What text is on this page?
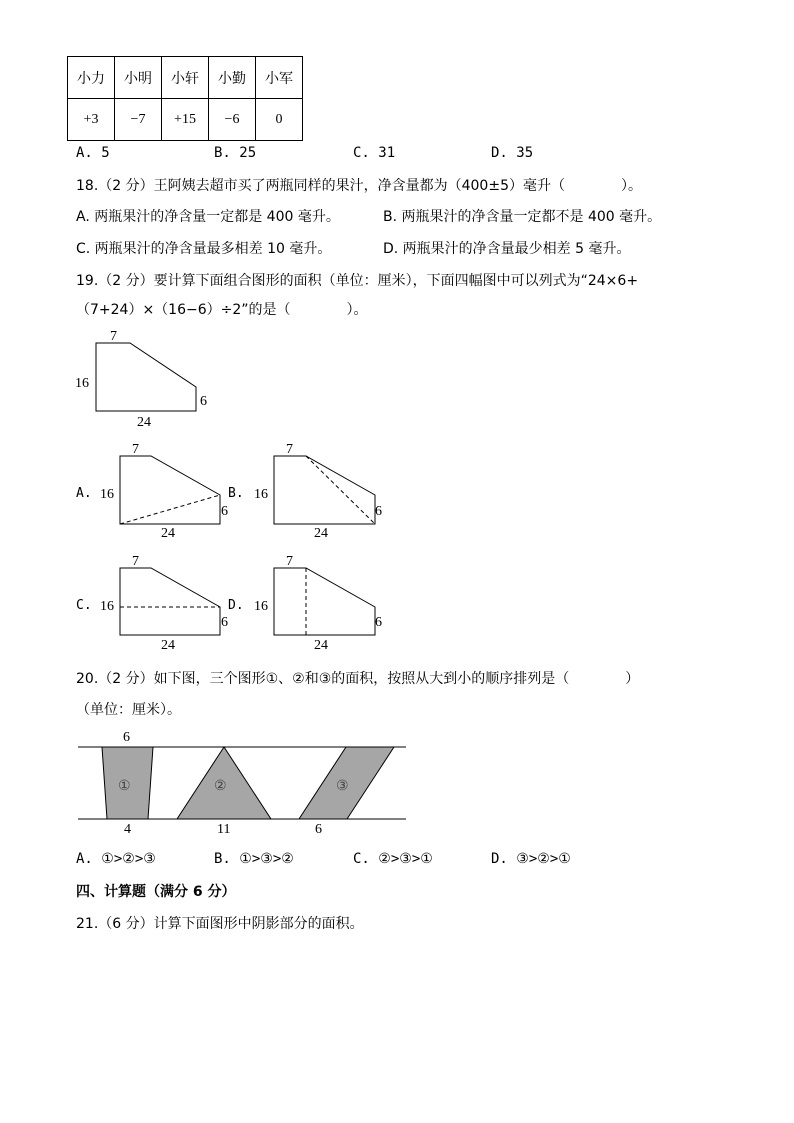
小力	小明	小轩	小勤	小军
+3	−7	+15	−6	0
A. 5	B. 25	C. 31	D. 35
18.（2 分）王阿姨去超市买了两瓶同样的果汁，净含量都为（400±5）毫升（　　　　）。
A. 两瓶果汁的净含量一定都是 400 毫升。	B. 两瓶果汁的净含量一定都不是 400 毫升。
C. 两瓶果汁的净含量最多相差 10 毫升。	D. 两瓶果汁的净含量最少相差 5 毫升。
19.（2 分）要计算下面组合图形的面积（单位：厘米），下面四幅图中可以列式为“24×6+
（7+24）×（16−6）÷2”的是（　　　　）。
7
16
6
24
A.
7
16
6
24
B.
7
16
6
24
C.
7
16
6
24
D.
7
16
6
24
20.（2 分）如下图，三个图形①、②和③的面积，按照从大到小的顺序排列是（　　　　）
（单位：厘米）。
6
4	11	6
①	②	③
A. ①>②>③	B. ①>③>②	C. ②>③>①	D. ③>②>①
四、计算题（满分 6 分）
21.（6 分）计算下面图形中阴影部分的面积。
